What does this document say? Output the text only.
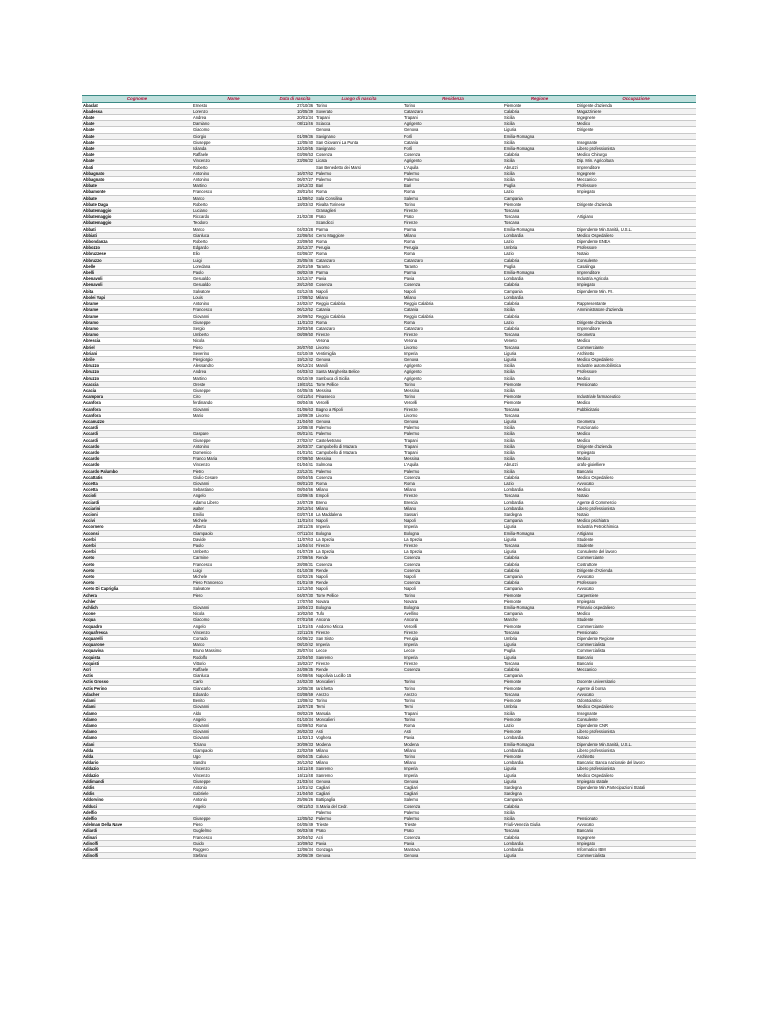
Cognome	Nome	Data di nascita	Luogo di nascita	Residenza	Regione	Occupazione
Abaclat	Ernesto	27/10/36	Torino	Torino	Piemonte	Dirigente d'azienda
Abadessa	Lorenzo	10/05/39	Soverato	Catanzaro	Calabria	Magazziniere
Abate	Andrea	20/01/34	Trapani	Trapani	Sicilia	Ingegnere
Abate	Damiano	08/11/46	Sciacca	Agrigento	Sicilia	Medico
Abate	Giacomo		Genova	Genova	Liguria	Dirigente
Abate	Giorgio	01/09/36	Savignano	Forlì	Emilia-Romagna	
Abate	Giuseppe	12/05/40	San Giovanni La Punta	Catania	Sicilia	Insegnante
Abate	Iolanda	24/10/65	Savignano	Forlì	Emilia-Romagna	Libero professionista
Abate	Raffaele	03/06/53	Cosenza	Cosenza	Calabria	Medico Chirurgo
Abate	Vincenzo	23/06/32	Licata	Agrigento	Sicilia	Dip. Min. Agricoltura
Abati	Roberto		San Benedetto dei Marsi	L'Aquila	Abruzzi	Imprenditore
Abbagnato	Antonino	16/07/62	Palermo	Palermo	Sicilia	Ingegnere
Abbagnato	Antonino	06/07/27	Palermo	Palermo	Sicilia	Meccanico
Abbate	Martino	19/12/33	Bari	Bari	Puglia	Professore
Abbamonte	Francesco	28/01/54	Roma	Roma	Lazio	Impiegato
Abbate	Marco	11/08/62	Sala Consilina	Salerno	Campania	
Abbate Daga	Roberto	18/03/43	Rivalta Torinese	Torino	Piemonte	Dirigente d'azienda
Abbatemaggio	Luciano		Granaglieri	Firenze	Toscana	
Abbatemaggio	Riccardo	21/02/38	Prato	Prato	Toscana	Artigiano
Abbatemaggio	Teodoro		Scandicci	Firenze	Toscana	
Abbati	Marco	04/03/28	Parma	Parma	Emilia-Romagna	Dipendente Min.Sanità, U.S.L.
Abbiati	Gianluca	22/06/54	Cerro Maggiore	Milano	Lombardia	Medico Ospedaliero
Abbondanza	Roberto	23/09/50	Roma	Roma	Lazio	Dipendente ENEA
Abbozzo	Edgardo	25/12/37	Perugia	Perugia	Umbria	Professore
Abbruzzese	Elio	02/06/37	Roma	Roma	Lazio	Notaio
Abbruzzo	Luigi	25/05/46	Catanzaro	Catanzaro	Calabria	Consulente
Abelle	Loredana	25/01/59	Taranto	Taranto	Puglia	Casalinga
Abelli	Paolo	08/02/49	Parma	Parma	Emilia-Romagna	Imprenditore
Abenavoli	Gesualdo	24/12/47	Pavia	Pavia	Lombardia	Industria Agricola
Abenavoli	Gesualdo	28/12/60	Cosenza	Cosenza	Calabria	Impiegato
Abita	Salvatore	02/12/45	Napoli	Napoli	Campania	Dipendente Min. P.I.
Abolei Yapi	Louis	17/08/52	Milano	Milano	Lombardia	
Abrame	Antonino	24/02/47	Reggio Calabria	Reggio Calabria	Calabria	Rappresentante
Abrame	Francesco	06/12/52	Catania	Catania	Sicilia	Amministratore d'azienda
Abrame	Giovanni	26/09/52	Reggio Calabria	Reggio Calabria	Calabria	
Abramo	Giuseppe	11/01/33	Roma	Roma	Lazio	Dirigente d'azienda
Abramo	Sergio	29/03/58	Catanzaro	Catanzaro	Calabria	Imprenditore
Abramo	Umberto	08/09/50	Firenze	Firenze	Toscana	Geometra
Abrescia	Nicola		Verona	Verona	Veneto	Medico
Abriel	Piero	26/07/60	Livorno	Livorno	Toscana	Commerciante
Abriani	Severino	02/10/49	Ventimiglia	Imperia	Liguria	Architetto
Abrile	Piergiorgio	19/12/42	Genova	Genova	Liguria	Medico Ospedaliero
Abruzzo	Alessandro	06/12/24	Marsili	Agrigento	Sicilia	Industrie automobilistica
Abruzzo	Andrea	04/03/43	Santa Margherita Belice	Agrigento	Sicilia	Professore
Abruzzo	Martino	05/10/49	Sambuca di Sicilia	Agrigento	Sicilia	Medico
Acaccia	Oreste	19/03/11	Torre Pellice	Torino	Piemonte	Pensionato
Acacia	Giuseppe	04/05/45	Messina	Messina	Sicilia	
Acampora	Ciro	04/11/54	Pinasseco	Torino	Piemonte	Industriale farmaceutico
Acanfora	ferdinando	08/04/46	Vercelli	Vercelli	Piemonte	Medico
Acanfora	Giovanni	01/06/63	Bagno a Ripoli	Firenze	Toscana	Pubblicitario
Acanfora	Mario	18/09/39	Livorno	Livorno	Toscana	
Accanuzzo		21/04/60	Genova	Genova	Liguria	Geometra
Accardi		10/08/48	Palermo	Palermo	Sicilia	Funzionario
Accardi	Gaspare	05/01/41	Palermo	Palermo	Sicilia	Medico
Accardi	Giuseppe	27/02/47	Castelvetrano	Trapani	Sicilia	Medico
Accardo	Antonino	26/03/37	Campobello di Mazara	Trapani	Sicilia	Dirigente d'azienda
Accardo	Domenico	01/01/51	Campobello di Mazara	Trapani	Sicilia	Impiegato
Accardo	Franco Maria	07/09/50	Messina	Messina	Sicilia	Medico
Accardo	Vincenzo	01/04/41	Sulmona	L'Aquila	Abruzzi	orafo-gioielliere
Accardo Palumbo	Pietro	23/12/31	Palermo	Palermo	Sicilia	Bancario
Accattatis	Giulio Cesare	08/04/55	Cosenza	Cosenza	Calabria	Medico Ospedaliero
Accetta	Giovanni	08/01/20	Roma	Roma	Lazio	Avvocato
Accetta	Sebastiano	08/04/56	Milano	Milano	Lombardia	Medico
Accioli	Angelo	03/09/45	Empoli	Firenze	Toscana	Notaio
Acciardi	Adamo Libero	24/07/29	Breno	Brescia	Lombardia	Agente di Commercio
Acciarini	walter	29/12/54	Milano	Milano	Lombardia	Libero professionista
Accioni	Emilio	03/07/18	La Maddalena	Sassari	Sardegna	Notaio
Accivi	Michele	11/01/44	Napoli	Napoli	Campania	Medico psichiatra
Accornero	Alberto	28/11/36	Imperia	Imperia	Liguria	Industria Petrolchimica
Acconsi	Giampaolo	07/11/34	Bologna	Bologna	Emilia-Romagna	Artigiano
Acerbi	Davide	11/07/63	La Spezia	La Spezia	Liguria	Studente
Acerbi	Paolo	14/04/44	Firenze	Firenze	Toscana	Studente
Acerbi	Umberto	01/07/29	La Spezia	La Spezia	Liguria	Consulente del lavoro
Aceto	Carmine	27/09/56	Rende	Cosenza	Calabria	Commerciante
Aceto	Francesco	28/08/31	Cosenza	Cosenza	Calabria	Costruttore
Aceto	Luigi	01/10/38	Rende	Cosenza	Calabria	Dirigente d'Azienda
Aceto	Michele	02/02/26	Napoli	Napoli	Campania	Avvocato
Aceto	Piero Francesco	01/01/49	Rende	Cosenza	Calabria	Professore
Aceto Di Capriglia	Salvatore	12/12/50	Napoli	Napoli	Campania	Avvocato
Achera	Piero	04/07/30	Torre Pellice	Torino	Piemonte	Carpentiere
Achler		17/07/50	Novara	Novara	Piemonte	Impiegato
Achlich	Giovanni	18/04/23	Bologna	Bologna	Emilia-Romagna	Primario ospedaliero
Acone	Nicola	10/02/50	Tufo	Avellino	Campania	Medico
Acqua	Giacomo	07/01/58	Ancona	Ancona	Marche	Studente
Acquadro	Angelo	11/01/45	Andorno Micca	Vercelli	Piemonte	Commerciante
Acquafresca	Vincenzo	22/11/26	Firenze	Firenze	Toscana	Pensionato
Acquarelli	Corrado	04/06/22	San Sisto	Perugia	Umbria	Dipendente Regione
Acquarone	Marco	08/10/42	Imperia	Imperia	Liguria	Commercialista
Acquaviva	Bruno Massimo	25/07/44	Lecce	Lecce	Puglia	Commercialista
Acquista	Rodolfo	22/04/50	Sanremo	Imperia	Liguria	Bancario
Acquisti	Vittorio	15/02/27	Firenze	Firenze	Toscana	Bancario
Acri	Raffaele	24/09/35	Rende	Cosenza	Calabria	Meccanico
Actis	Gianluca	04/08/66	Napolivia Lucillo 15		Campania	
Actis Grosso	Carlo	24/02/30	Moncalieri	Torino	Piemonte	Docente universitario
Actis Perino	Giancarlo	10/05/38	Iarichetta	Torino	Piemonte	Agente di borsa
Adacher	Edoardo	03/08/59	Arezzo	Arezzo	Toscana	Avvocato
Adami	Benito	13/08/42	Torino	Torino	Piemonte	Odontoiatrico
Adami	Giovanni	15/07/28	Terni	Terni	Umbria	Medico Ospedaliero
Adamo	Aldo	08/02/29	Marsala	Trapani	Sicilia	Insegnante
Adamo	Angelo	01/10/34	Moncalieri	Torino	Piemonte	Consulente
Adamo	Giovanni	02/09/53	Roma	Roma	Lazio	Dipendente CNR
Adamo	Giovanni	26/02/33	Asti	Asti	Piemonte	Libero professionista
Adamo	Giovanni	11/02/13	Voghera	Pavia	Lombardia	Notaio
Adani	Tiziano	30/09/33	Modena	Modena	Emilia-Romagna	Dipendente Min.Sanità, U.S.L.
Adda	Giampaolo	22/02/59	Milano	Milano	Lombardia	Libero professionista
Adda	Ugo	08/04/35	Caluso	Torino	Piemonte	Architetto
Addario	Sandro	26/12/52	Milano	Milano	Lombardia	Bancario: Banca nazionale del lavoro
Addazio	Vincenzo	16/11/48	Sanremo	Imperia	Liguria	Libero professionista
Addazio	Vincenzo	16/11/48	Sanremo	Imperia	Liguria	Medico Ospedaliero
Addimandi	Giuseppe	21/03/44	Genova	Genova	Liguria	Impiegato statale
Addis	Antonio	14/01/42	Cagliari	Cagliari	Sardegna	Dipendente Min.Partecipazioni Statali
Addis	Gabriele	21/04/50	Cagliari	Cagliari	Sardegna	
Addorvino	Antonio	25/06/26	Battipaglia	Salerno	Campania	
Adduci	Angelo	09/11/53	S.Maria del Cedr.	Cosenza	Calabria	
Adelfio			Palermo	Palermo	Sicilia	
Adelfio	Giuseppe	12/05/52	Palermo	Palermo	Sicilia	Pensionato
Adelman Della Nave	Piero	04/05/49	Trieste	Trieste	Friuli-Venezia Giulia	Avvocato
Adiardi	Guglielmo	06/03/48	Prato	Prato	Toscana	Bancario
Adinari	Francesco	30/04/52	Acri	Cosenza	Calabria	Ingegnere
Adinolfi	Guido	10/09/52	Pavia	Pavia	Lombardia	Impiegato
Adinolfi	Ruggero	12/06/34	Gonzaga	Mantova	Lombardia	Informatico IBM
Adinolfi	Stefano	30/06/39	Genova	Genova	Liguria	Commercialista
